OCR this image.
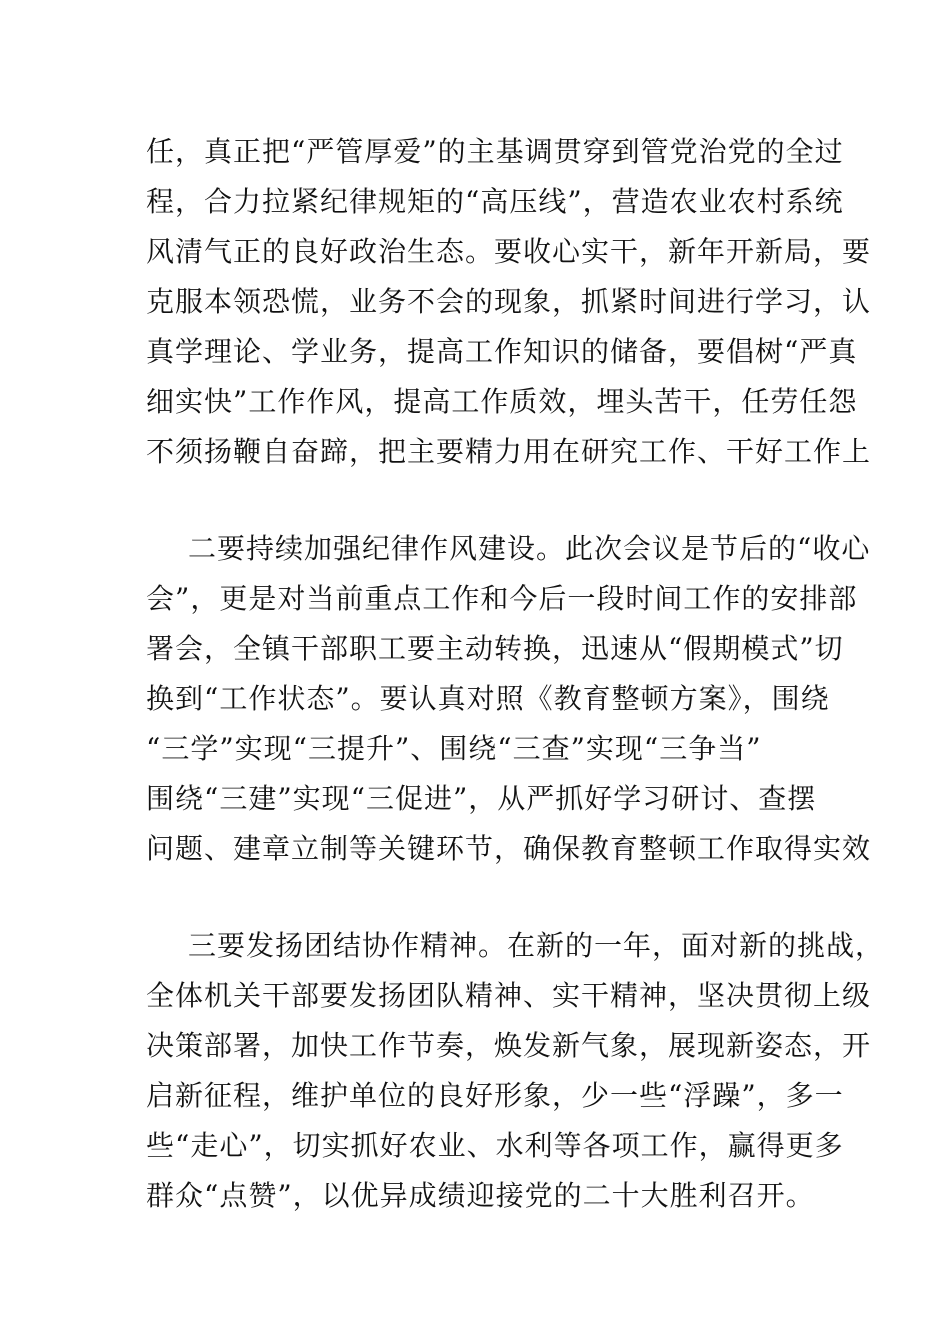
任，真正把“严管厚爱”的主基调贯穿到管党治党的全过
程，合力拉紧纪律规矩的“高压线”，营造农业农村系统
风清气正的良好政治生态。要收心实干，新年开新局，要
克服本领恐慌，业务不会的现象，抓紧时间进行学习，认
真学理论、学业务，提高工作知识的储备，要倡树“严真
细实快”工作作风，提高工作质效，埋头苦干，任劳任怨
不须扬鞭自奋蹄，把主要精力用在研究工作、干好工作上
二要持续加强纪律作风建设。此次会议是节后的“收心
会”，更是对当前重点工作和今后一段时间工作的安排部
署会，全镇干部职工要主动转换，迅速从“假期模式”切
换到“工作状态”。要认真对照《教育整顿方案》，围绕
“三学”实现“三提升”、围绕“三查”实现“三争当”
围绕“三建”实现“三促进”，从严抓好学习研讨、查摆
问题、建章立制等关键环节，确保教育整顿工作取得实效
三要发扬团结协作精神。在新的一年，面对新的挑战，
全体机关干部要发扬团队精神、实干精神，坚决贯彻上级
决策部署，加快工作节奏，焕发新气象，展现新姿态，开
启新征程，维护单位的良好形象，少一些“浮躁”，多一
些“走心”，切实抓好农业、水利等各项工作，赢得更多
群众“点赞”，以优异成绩迎接党的二十大胜利召开。
